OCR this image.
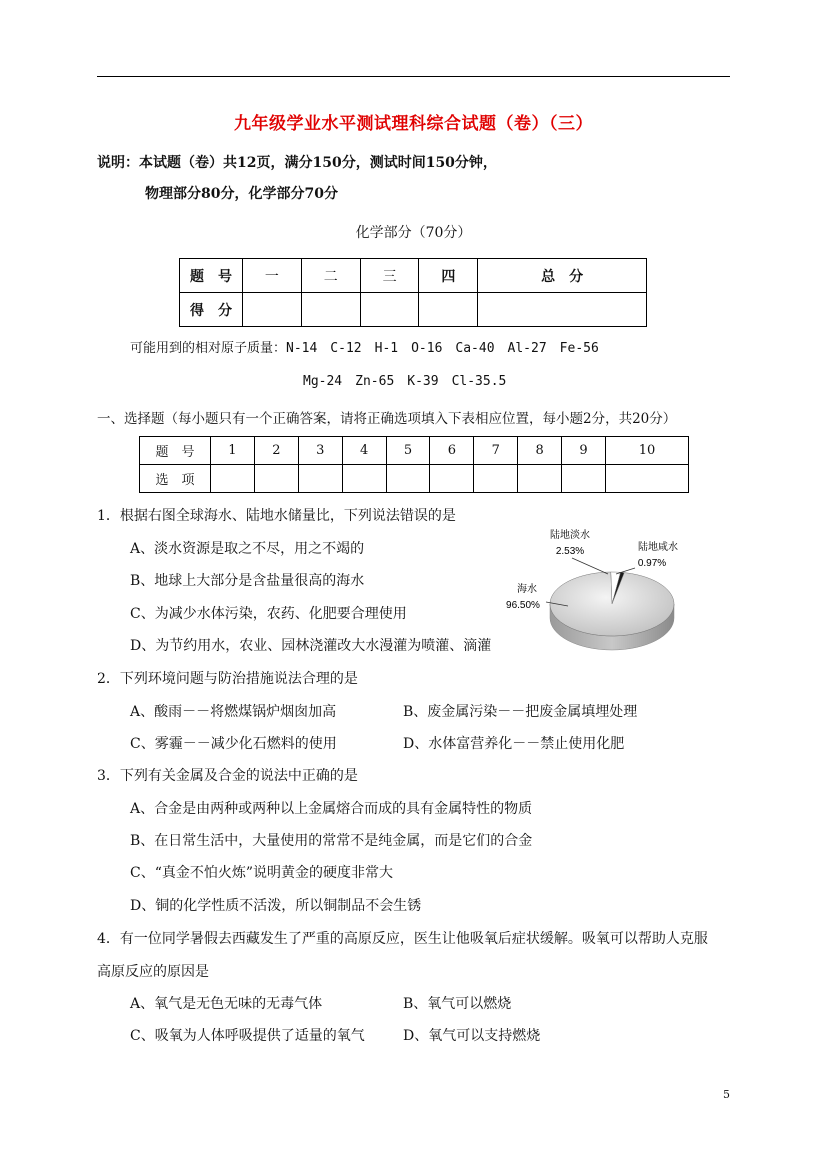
九年级学业水平测试理科综合试题（卷）（三）
说明：本试题（卷）共12页，满分150分，测试时间150分钟，
物理部分80分，化学部分70分
化学部分（70分）
题　号	一	二	三	四	总　分
得　分					
可能用到的相对原子质量：N-14　C-12　H-1　O-16　Ca-40　Al-27　Fe-56
Mg-24　Zn-65　K-39　Cl-35.5
一、选择题（每小题只有一个正确答案，请将正确选项填入下表相应位置，每小题2分，共20分）
题　号	1	2	3	4	5	6	7	8	9	10
选　项										
1．根据右图全球海水、陆地水储量比，下列说法错误的是
A、淡水资源是取之不尽，用之不竭的
B、地球上大部分是含盐量很高的海水
C、为减少水体污染，农药、化肥要合理使用
D、为节约用水，农业、园林浇灌改大水漫灌为喷灌、滴灌
陆地淡水
2.53%	陆地咸水
0.97%
海水
96.50%
2．下列环境问题与防治措施说法合理的是
A、酸雨－－将燃煤锅炉烟囱加高	B、废金属污染－－把废金属填埋处理
C、雾霾－－减少化石燃料的使用	D、水体富营养化－－禁止使用化肥
3．下列有关金属及合金的说法中正确的是
A、合金是由两种或两种以上金属熔合而成的具有金属特性的物质
B、在日常生活中，大量使用的常常不是纯金属，而是它们的合金
C、“真金不怕火炼”说明黄金的硬度非常大
D、铜的化学性质不活泼，所以铜制品不会生锈
4．有一位同学暑假去西藏发生了严重的高原反应，医生让他吸氧后症状缓解。吸氧可以帮助人克服
高原反应的原因是
A、氧气是无色无味的无毒气体	B、氧气可以燃烧
C、吸氧为人体呼吸提供了适量的氧气	D、氧气可以支持燃烧
5
